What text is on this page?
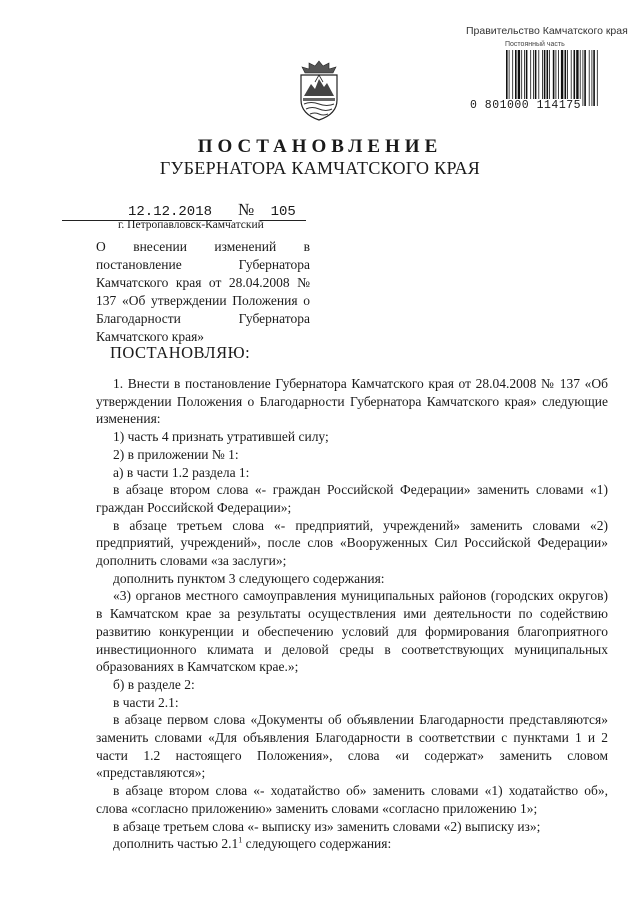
Правительство Камчатского края
Постоянный часть
0 801000 114175
ПОСТАНОВЛЕНИЕ
ГУБЕРНАТОРА КАМЧАТСКОГО КРАЯ
12.12.2018 № 105
г. Петропавловск-Камчатский
О внесении изменений в постановление Губернатора Камчатского края от 28.04.2008 № 137 «Об утверждении Положения о Благодарности Губернатора Камчатского края»
ПОСТАНОВЛЯЮ:

1. Внести в постановление Губернатора Камчатского края от 28.04.2008 № 137 «Об утверждении Положения о Благодарности Губернатора Камчатского края» следующие изменения:

1) часть 4 признать утратившей силу;

2) в приложении № 1:

а) в части 1.2 раздела 1:

в абзаце втором слова «- граждан Российской Федерации» заменить словами «1) граждан Российской Федерации»;

в абзаце третьем слова «- предприятий, учреждений» заменить словами «2) предприятий, учреждений», после слов «Вооруженных Сил Российской Федерации» дополнить словами «за заслуги»;

дополнить пунктом 3 следующего содержания:

«3) органов местного самоуправления муниципальных районов (городских округов) в Камчатском крае за результаты осуществления ими деятельности по содействию развитию конкуренции и обеспечению условий для формирования благоприятного инвестиционного климата и деловой среды в соответствующих муниципальных образованиях в Камчатском крае.»;

б) в разделе 2:

в части 2.1:

в абзаце первом слова «Документы об объявлении Благодарности представляются» заменить словами «Для объявления Благодарности в соответствии с пунктами 1 и 2 части 1.2 настоящего Положения», слова «и содержат» заменить словом «представляются»;

в абзаце втором слова «- ходатайство об» заменить словами «1) ходатайство об», слова «согласно приложению» заменить словами «согласно приложению 1»;

в абзаце третьем слова «- выписку из» заменить словами «2) выписку из»;

дополнить частью $2.1^1$ следующего содержания:
